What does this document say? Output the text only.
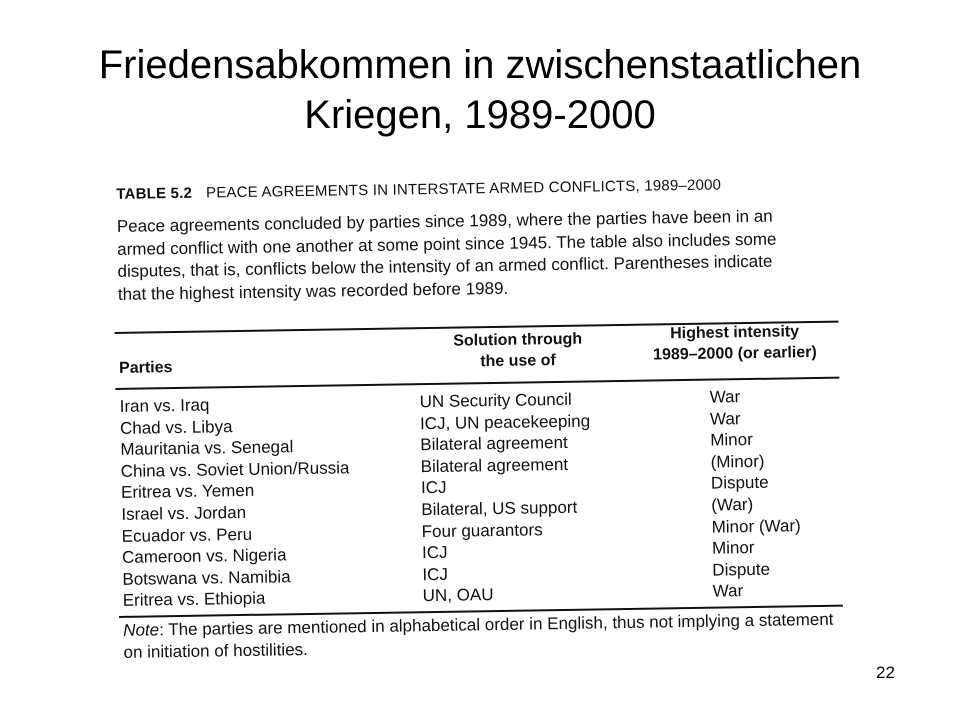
Friedensabkommen in zwischenstaatlichen
Kriegen, 1989-2000
TABLE 5.2 PEACE AGREEMENTS IN INTERSTATE ARMED CONFLICTS, 1989–2000
Peace agreements concluded by parties since 1989, where the parties have been in an armed conflict with one another at some point since 1945. The table also includes some disputes, that is, conflicts below the intensity of an armed conflict. Parentheses indicate that the highest intensity was recorded before 1989.
Parties
Solution through
the use of
Highest intensity
1989–2000 (or earlier)
Iran vs. Iraq	UN Security Council	War
Chad vs. Libya	ICJ, UN peacekeeping	War
Mauritania vs. Senegal	Bilateral agreement	Minor
China vs. Soviet Union/Russia	Bilateral agreement	(Minor)
Eritrea vs. Yemen	ICJ	Dispute
Israel vs. Jordan	Bilateral, US support	(War)
Ecuador vs. Peru	Four guarantors	Minor (War)
Cameroon vs. Nigeria	ICJ	Minor
Botswana vs. Namibia	ICJ	Dispute
Eritrea vs. Ethiopia	UN, OAU	War
Note: The parties are mentioned in alphabetical order in English, thus not implying a statement on initiation of hostilities.
22
